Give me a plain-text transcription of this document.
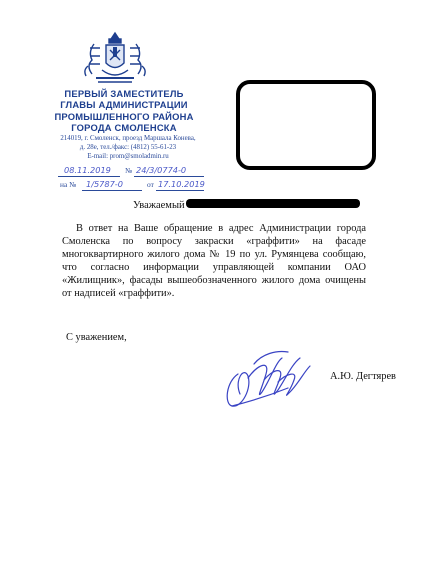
ПЕРВЫЙ ЗАМЕСТИТЕЛЬ
ГЛАВЫ АДМИНИСТРАЦИИ
ПРОМЫШЛЕННОГО РАЙОНА
ГОРОДА СМОЛЕНСКА
214019, г. Смоленск, проезд Маршала Конева,
д. 28е, тел./факс: (4812) 55-61-23
E-mail: prom@smoladmin.ru
08.11.2019 № 24/3/0774-0
на № 1/5787-0	от 17.10.2019
Уважаемый

В ответ на Ваше обращение в адрес Администрации города Смоленска по вопросу закраски «граффити» на фасаде многоквартирного жилого дома № 19 по ул. Румянцева сообщаю, что согласно информации управляющей компании ОАО «Жилищник», фасады вышеобозначенного жилого дома очищены от надписей «граффити».

С уважением,
А.Ю. Дегтярев
